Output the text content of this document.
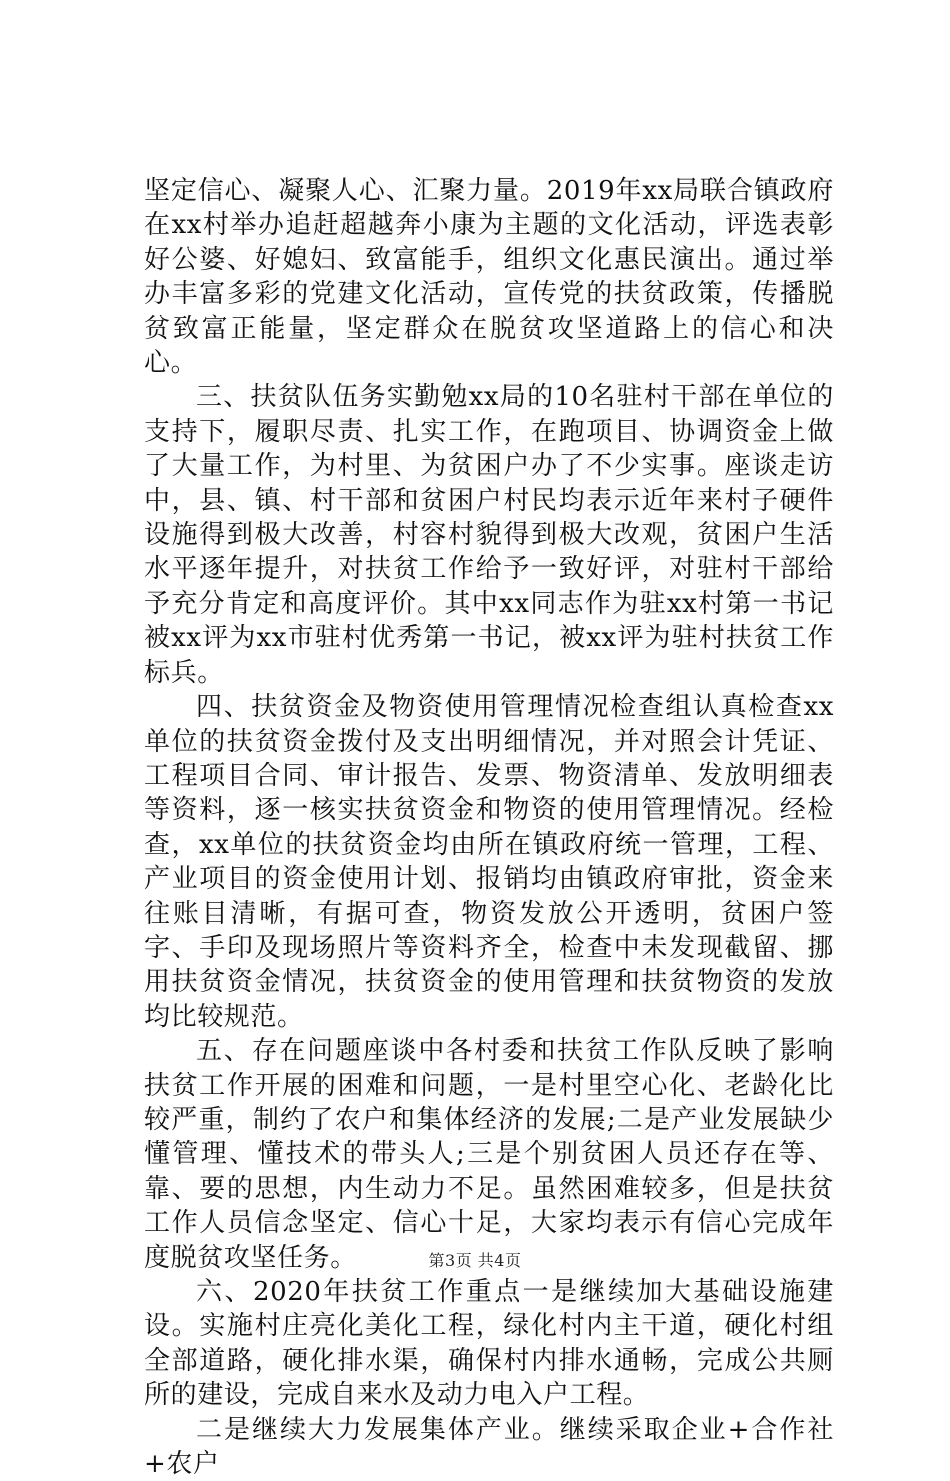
坚定信心、凝聚人心、汇聚力量。2019年xx局联合镇政府在xx村举办追赶超越奔小康为主题的文化活动，评选表彰好公婆、好媳妇、致富能手，组织文化惠民演出。通过举办丰富多彩的党建文化活动，宣传党的扶贫政策，传播脱贫致富正能量，坚定群众在脱贫攻坚道路上的信心和决心。

三、扶贫队伍务实勤勉xx局的10名驻村干部在单位的支持下，履职尽责、扎实工作，在跑项目、协调资金上做了大量工作，为村里、为贫困户办了不少实事。座谈走访中，县、镇、村干部和贫困户村民均表示近年来村子硬件设施得到极大改善，村容村貌得到极大改观，贫困户生活水平逐年提升，对扶贫工作给予一致好评，对驻村干部给予充分肯定和高度评价。其中xx同志作为驻xx村第一书记被xx评为xx市驻村优秀第一书记，被xx评为驻村扶贫工作标兵。

四、扶贫资金及物资使用管理情况检查组认真检查xx单位的扶贫资金拨付及支出明细情况，并对照会计凭证、工程项目合同、审计报告、发票、物资清单、发放明细表等资料，逐一核实扶贫资金和物资的使用管理情况。经检查，xx单位的扶贫资金均由所在镇政府统一管理，工程、产业项目的资金使用计划、报销均由镇政府审批，资金来往账目清晰，有据可查，物资发放公开透明，贫困户签字、手印及现场照片等资料齐全，检查中未发现截留、挪用扶贫资金情况，扶贫资金的使用管理和扶贫物资的发放均比较规范。

五、存在问题座谈中各村委和扶贫工作队反映了影响扶贫工作开展的困难和问题，一是村里空心化、老龄化比较严重，制约了农户和集体经济的发展;二是产业发展缺少懂管理、懂技术的带头人;三是个别贫困人员还存在等、靠、要的思想，内生动力不足。虽然困难较多，但是扶贫工作人员信念坚定、信心十足，大家均表示有信心完成年度脱贫攻坚任务。

六、2020年扶贫工作重点一是继续加大基础设施建设。实施村庄亮化美化工程，绿化村内主干道，硬化村组全部道路，硬化排水渠，确保村内排水通畅，完成公共厕所的建设，完成自来水及动力电入户工程。

二是继续大力发展集体产业。继续采取企业+合作社+农户

第3页 共4页
